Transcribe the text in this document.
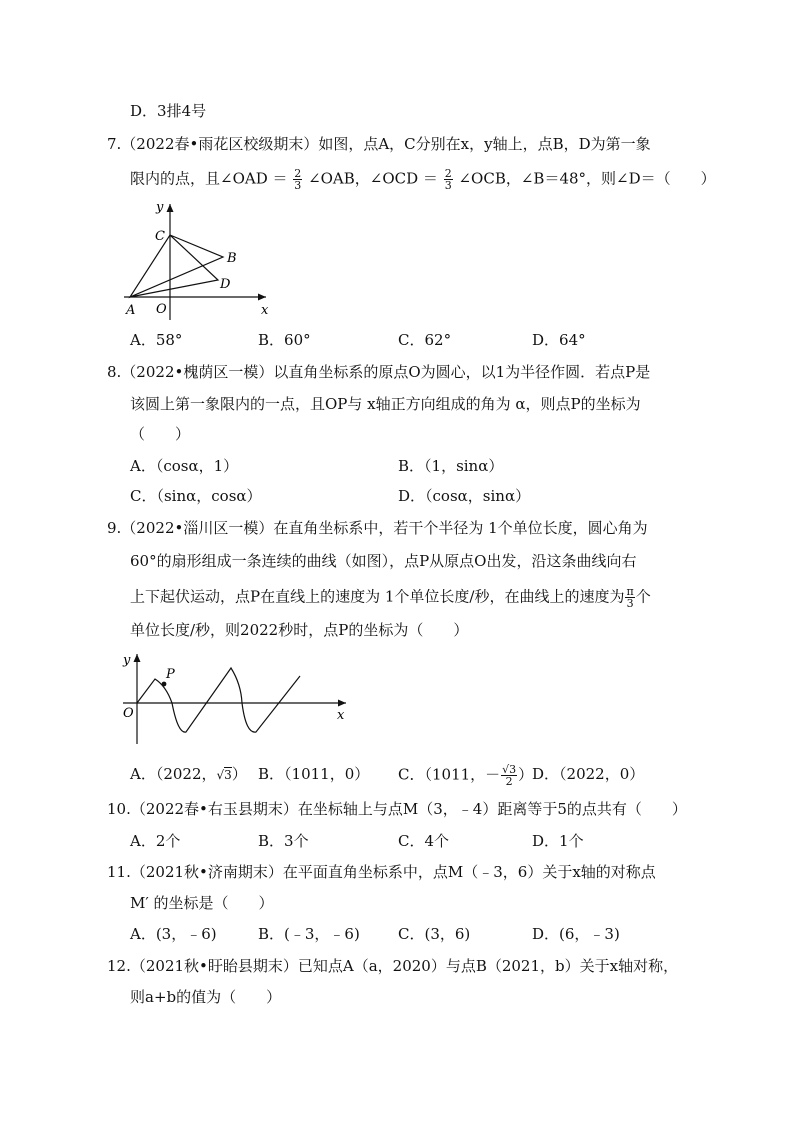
D．3排4号
7.（2022春•雨花区校级期末）如图，点A，C分别在x，y轴上，点B，D为第一象
限内的点，且∠OAD ＝ $\frac{2}{3}$ ∠OAB，∠OCD ＝ $\frac{2}{3}$ ∠OCB，∠B＝48°，则∠D＝（　　）
y
x
C
B
D
A O
A．58°	B．60°	C．62°	D．64°
8.（2022•槐荫区一模）以直角坐标系的原点O为圆心，以1为半径作圆．若点P是
该圆上第一象限内的一点，且OP与 x轴正方向组成的角为 α，则点P的坐标为
（　　）
A．（cosα，1）	B．（1，sinα）
C．（sinα，cosα）	D．（cosα，sinα）
9.（2022•淄川区一模）在直角坐标系中，若干个半径为 1个单位长度，圆心角为
60°的扇形组成一条连续的曲线（如图），点P从原点O出发，沿这条曲线向右
上下起伏运动，点P在直线上的速度为 1个单位长度/秒，在曲线上的速度为 $\frac{\pi}{3}$ 个
单位长度/秒，则2022秒时，点P的坐标为（　　）
y
P
O	x
A．（2022，√3） B．（1011，0） C．（1011，－ $\frac{√3}{2}$ ）
D．（2022，0）
10.（2022春•右玉县期末）在坐标轴上与点M（3，﹣4）距离等于5的点共有（　　）
A．2个	B．3个	C．4个	D．1个
11.（2021秋•济南期末）在平面直角坐标系中，点M（﹣3，6）关于x轴的对称点
M′ 的坐标是（　　）
A．(3，﹣6)	B．(﹣3，﹣6)	C．(3，6)	D．(6，﹣3)
12.（2021秋•盱眙县期末）已知点A（a，2020）与点B（2021，b）关于x轴对称，
则a+b的值为（　　）
